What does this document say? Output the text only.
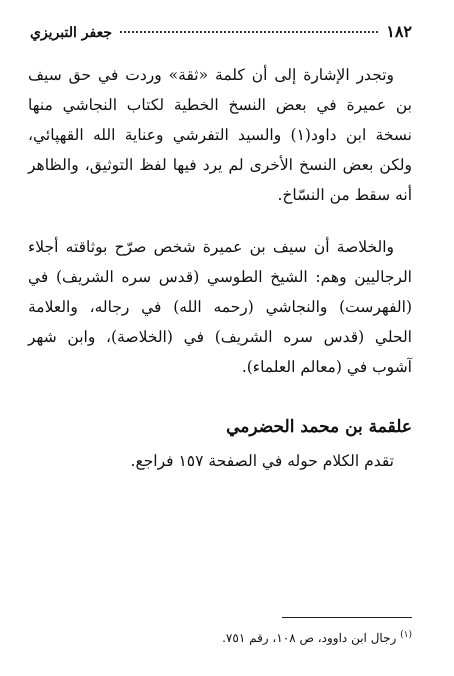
١٨٢
جعفر التبريزي

وتجدر الإشارة إلى أن كلمة «ثقة» وردت في حق سيف بن عميرة في بعض النسخ الخطية لكتاب النجاشي منها نسخة ابن داود(١) والسيد التفرشي وعناية الله القهپائي، ولكن بعض النسخ الأخرى لم يرد فيها لفظ التوثيق، والظاهر أنه سقط من النسّاخ.

والخلاصة أن سيف بن عميرة شخص صرّح بوثاقته أجلاء الرجاليين وهم: الشيخ الطوسي (قدس سره الشريف) في (الفهرست) والنجاشي (رحمه الله) في رجاله، والعلامة الحلي (قدس سره الشريف) في (الخلاصة)، وابن شهر آشوب في (معالم العلماء).

علقمة بن محمد الحضرمي

تقدم الكلام حوله في الصفحة ١٥٧ فراجع.

$^{(١)}$ رجال ابن داوود، ص ١٠٨، رقم ٧٥١.
